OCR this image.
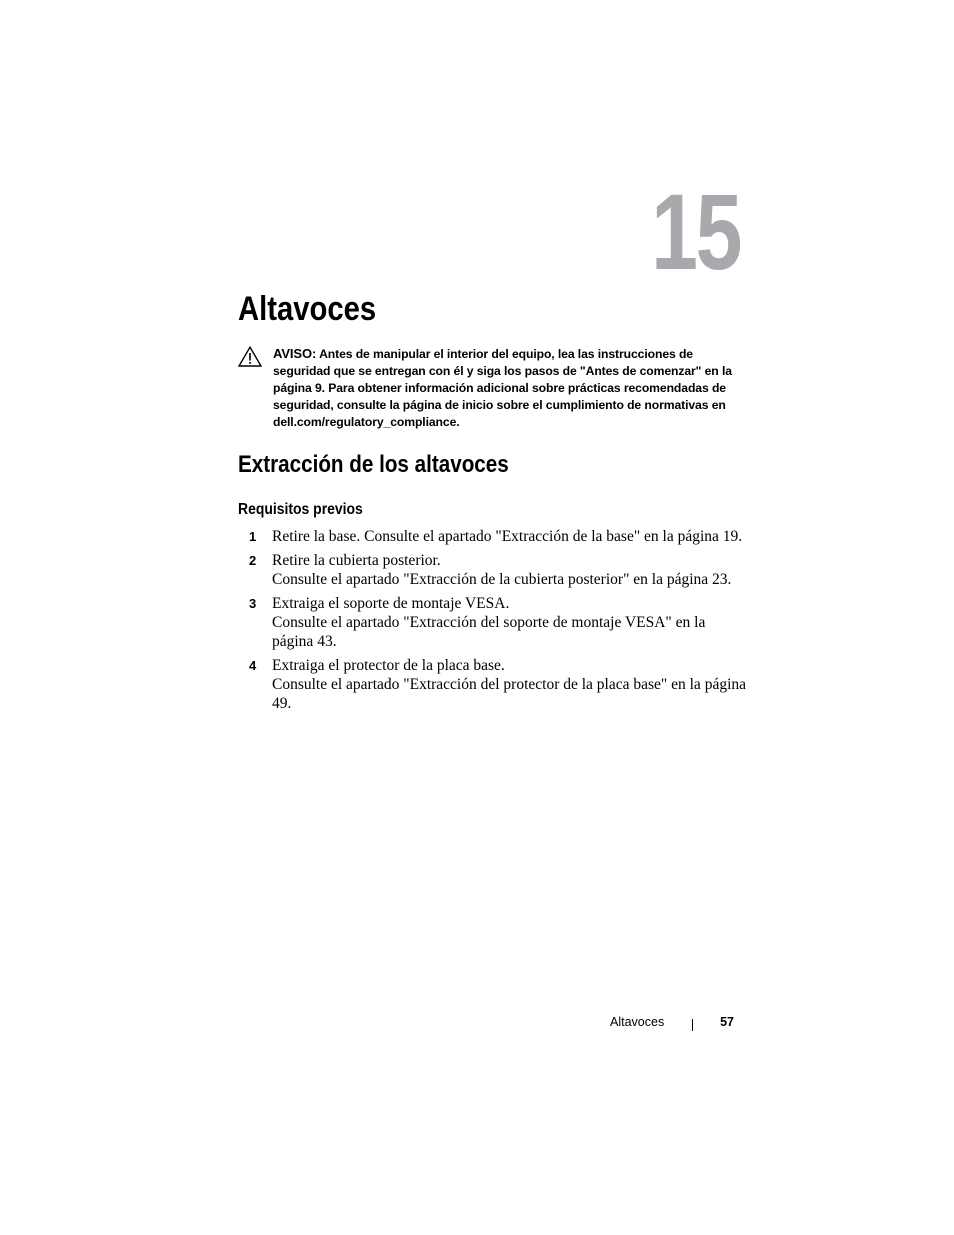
15
Altavoces
AVISO: Antes de manipular el interior del equipo, lea las instrucciones de seguridad que se entregan con él y siga los pasos de "Antes de comenzar" en la página 9. Para obtener información adicional sobre prácticas recomendadas de seguridad, consulte la página de inicio sobre el cumplimiento de normativas en dell.com/regulatory_compliance.
Extracción de los altavoces
Requisitos previos
1 Retire la base. Consulte el apartado "Extracción de la base" en la página 19.
2 Retire la cubierta posterior.
Consulte el apartado "Extracción de la cubierta posterior" en la página 23.
3 Extraiga el soporte de montaje VESA.
Consulte el apartado "Extracción del soporte de montaje VESA" en la página 43.
4 Extraiga el protector de la placa base.
Consulte el apartado "Extracción del protector de la placa base" en la página 49.
Altavoces	57
